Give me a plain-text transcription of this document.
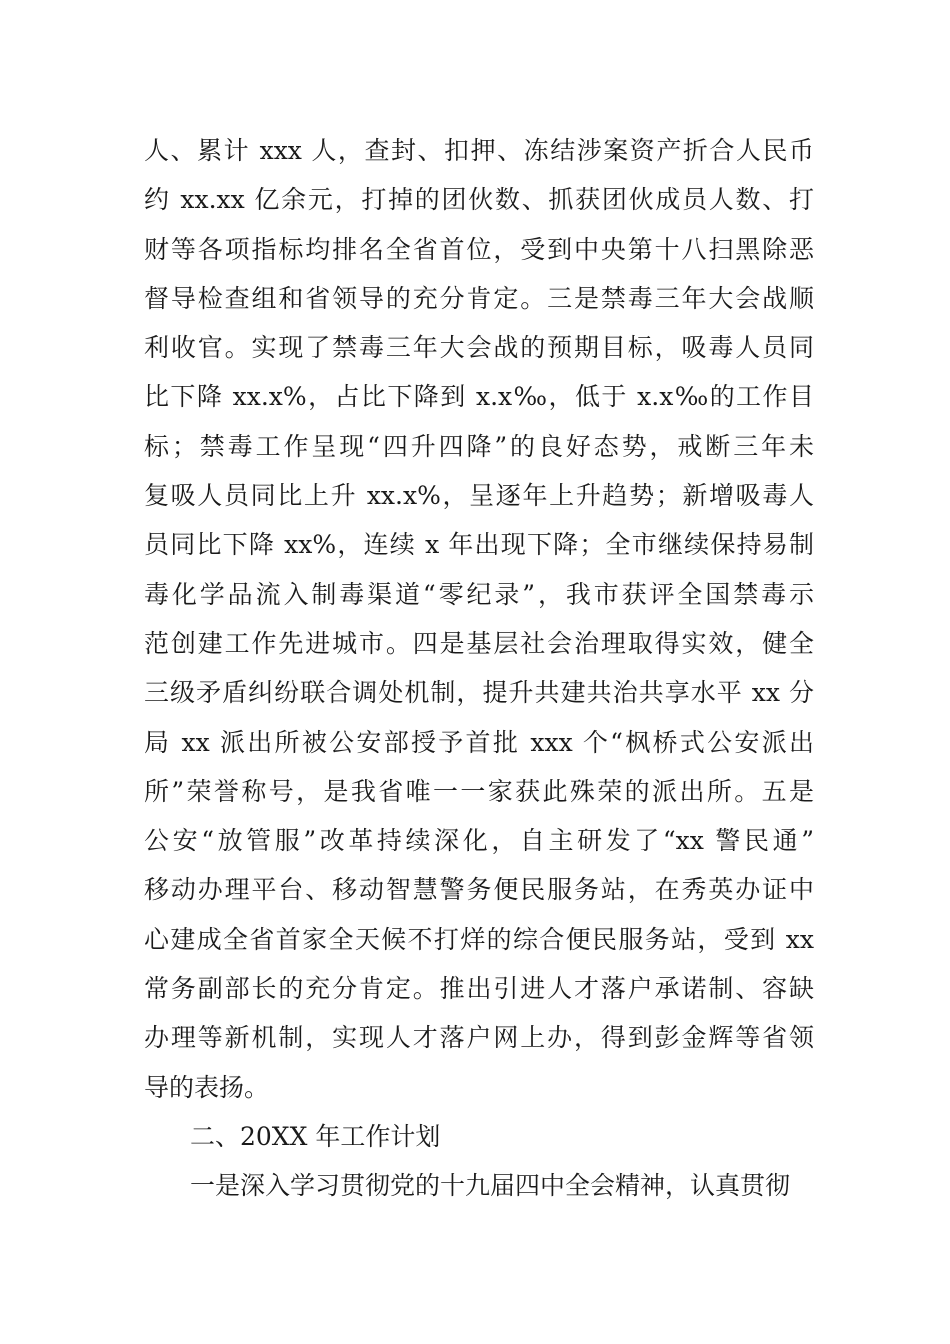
人、累计 xxx 人，查封、扣押、冻结涉案资产折合人民币
约 xx.xx 亿余元，打掉的团伙数、抓获团伙成员人数、打
财等各项指标均排名全省首位，受到中央第十八扫黑除恶
督导检查组和省领导的充分肯定。三是禁毒三年大会战顺
利收官。实现了禁毒三年大会战的预期目标，吸毒人员同
比下降 xx.x%，占比下降到 x.x‰，低于 x.x‰的工作目
标；禁毒工作呈现“四升四降”的良好态势，戒断三年未
复吸人员同比上升 xx.x%，呈逐年上升趋势；新增吸毒人
员同比下降 xx%，连续 x 年出现下降；全市继续保持易制
毒化学品流入制毒渠道“零纪录”，我市获评全国禁毒示
范创建工作先进城市。四是基层社会治理取得实效，健全
三级矛盾纠纷联合调处机制，提升共建共治共享水平 xx 分
局 xx 派出所被公安部授予首批 xxx 个“枫桥式公安派出
所”荣誉称号，是我省唯一一家获此殊荣的派出所。五是
公安“放管服”改革持续深化，自主研发了“xx 警民通”
移动办理平台、移动智慧警务便民服务站，在秀英办证中
心建成全省首家全天候不打烊的综合便民服务站，受到 xx
常务副部长的充分肯定。推出引进人才落户承诺制、容缺
办理等新机制，实现人才落户网上办，得到彭金辉等省领
导的表扬。
二、20XX 年工作计划
一是深入学习贯彻党的十九届四中全会精神，认真贯彻
